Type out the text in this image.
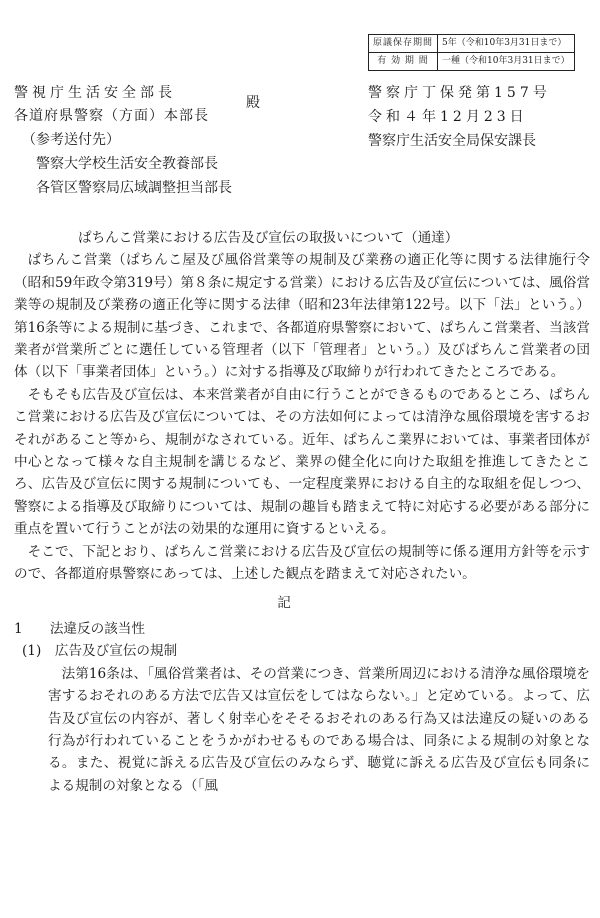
原議保存期間	5年（令和10年3月31日まで）
有 効 期 間	一種（令和10年3月31日まで）
警視庁生活安全部長
殿
各道府県警察（方面）本部長
（参考送付先）
警察大学校生活安全教養部長
各管区警察局広域調整担当部長
警察庁丁保発第157号
令和４年12月23日
警察庁生活安全局保安課長

ぱちんこ営業における広告及び宣伝の取扱いについて（通達）

ぱちんこ営業（ぱちんこ屋及び風俗営業等の規制及び業務の適正化等に関する法律施行令（昭和59年政令第319号）第８条に規定する営業）における広告及び宣伝については、風俗営業等の規制及び業務の適正化等に関する法律（昭和23年法律第122号。以下「法」という。）第16条等による規制に基づき、これまで、各都道府県警察において、ぱちんこ営業者、当該営業者が営業所ごとに選任している管理者（以下「管理者」という。）及びぱちんこ営業者の団体（以下「事業者団体」という。）に対する指導及び取締りが行われてきたところである。

そもそも広告及び宣伝は、本来営業者が自由に行うことができるものであるところ、ぱちんこ営業における広告及び宣伝については、その方法如何によっては清浄な風俗環境を害するおそれがあること等から、規制がなされている。近年、ぱちんこ業界においては、事業者団体が中心となって様々な自主規制を講じるなど、業界の健全化に向けた取組を推進してきたところ、広告及び宣伝に関する規制についても、一定程度業界における自主的な取組を促しつつ、警察による指導及び取締りについては、規制の趣旨も踏まえて特に対応する必要がある部分に重点を置いて行うことが法の効果的な運用に資するといえる。

そこで、下記とおり、ぱちんこ営業における広告及び宣伝の規制等に係る運用方針等を示すので、各都道府県警察にあっては、上述した観点を踏まえて対応されたい。

記

1　　 法違反の該当性

(1)　 広告及び宣伝の規制

法第16条は、「風俗営業者は、その営業につき、営業所周辺における清浄な風俗環境を害するおそれのある方法で広告又は宣伝をしてはならない。」と定めている。よって、広告及び宣伝の内容が、著しく射幸心をそそるおそれのある行為又は法違反の疑いのある行為が行われていることをうかがわせるものである場合は、同条による規制の対象となる。また、視覚に訴える広告及び宣伝のみならず、聴覚に訴える広告及び宣伝も同条による規制の対象となる（「風
